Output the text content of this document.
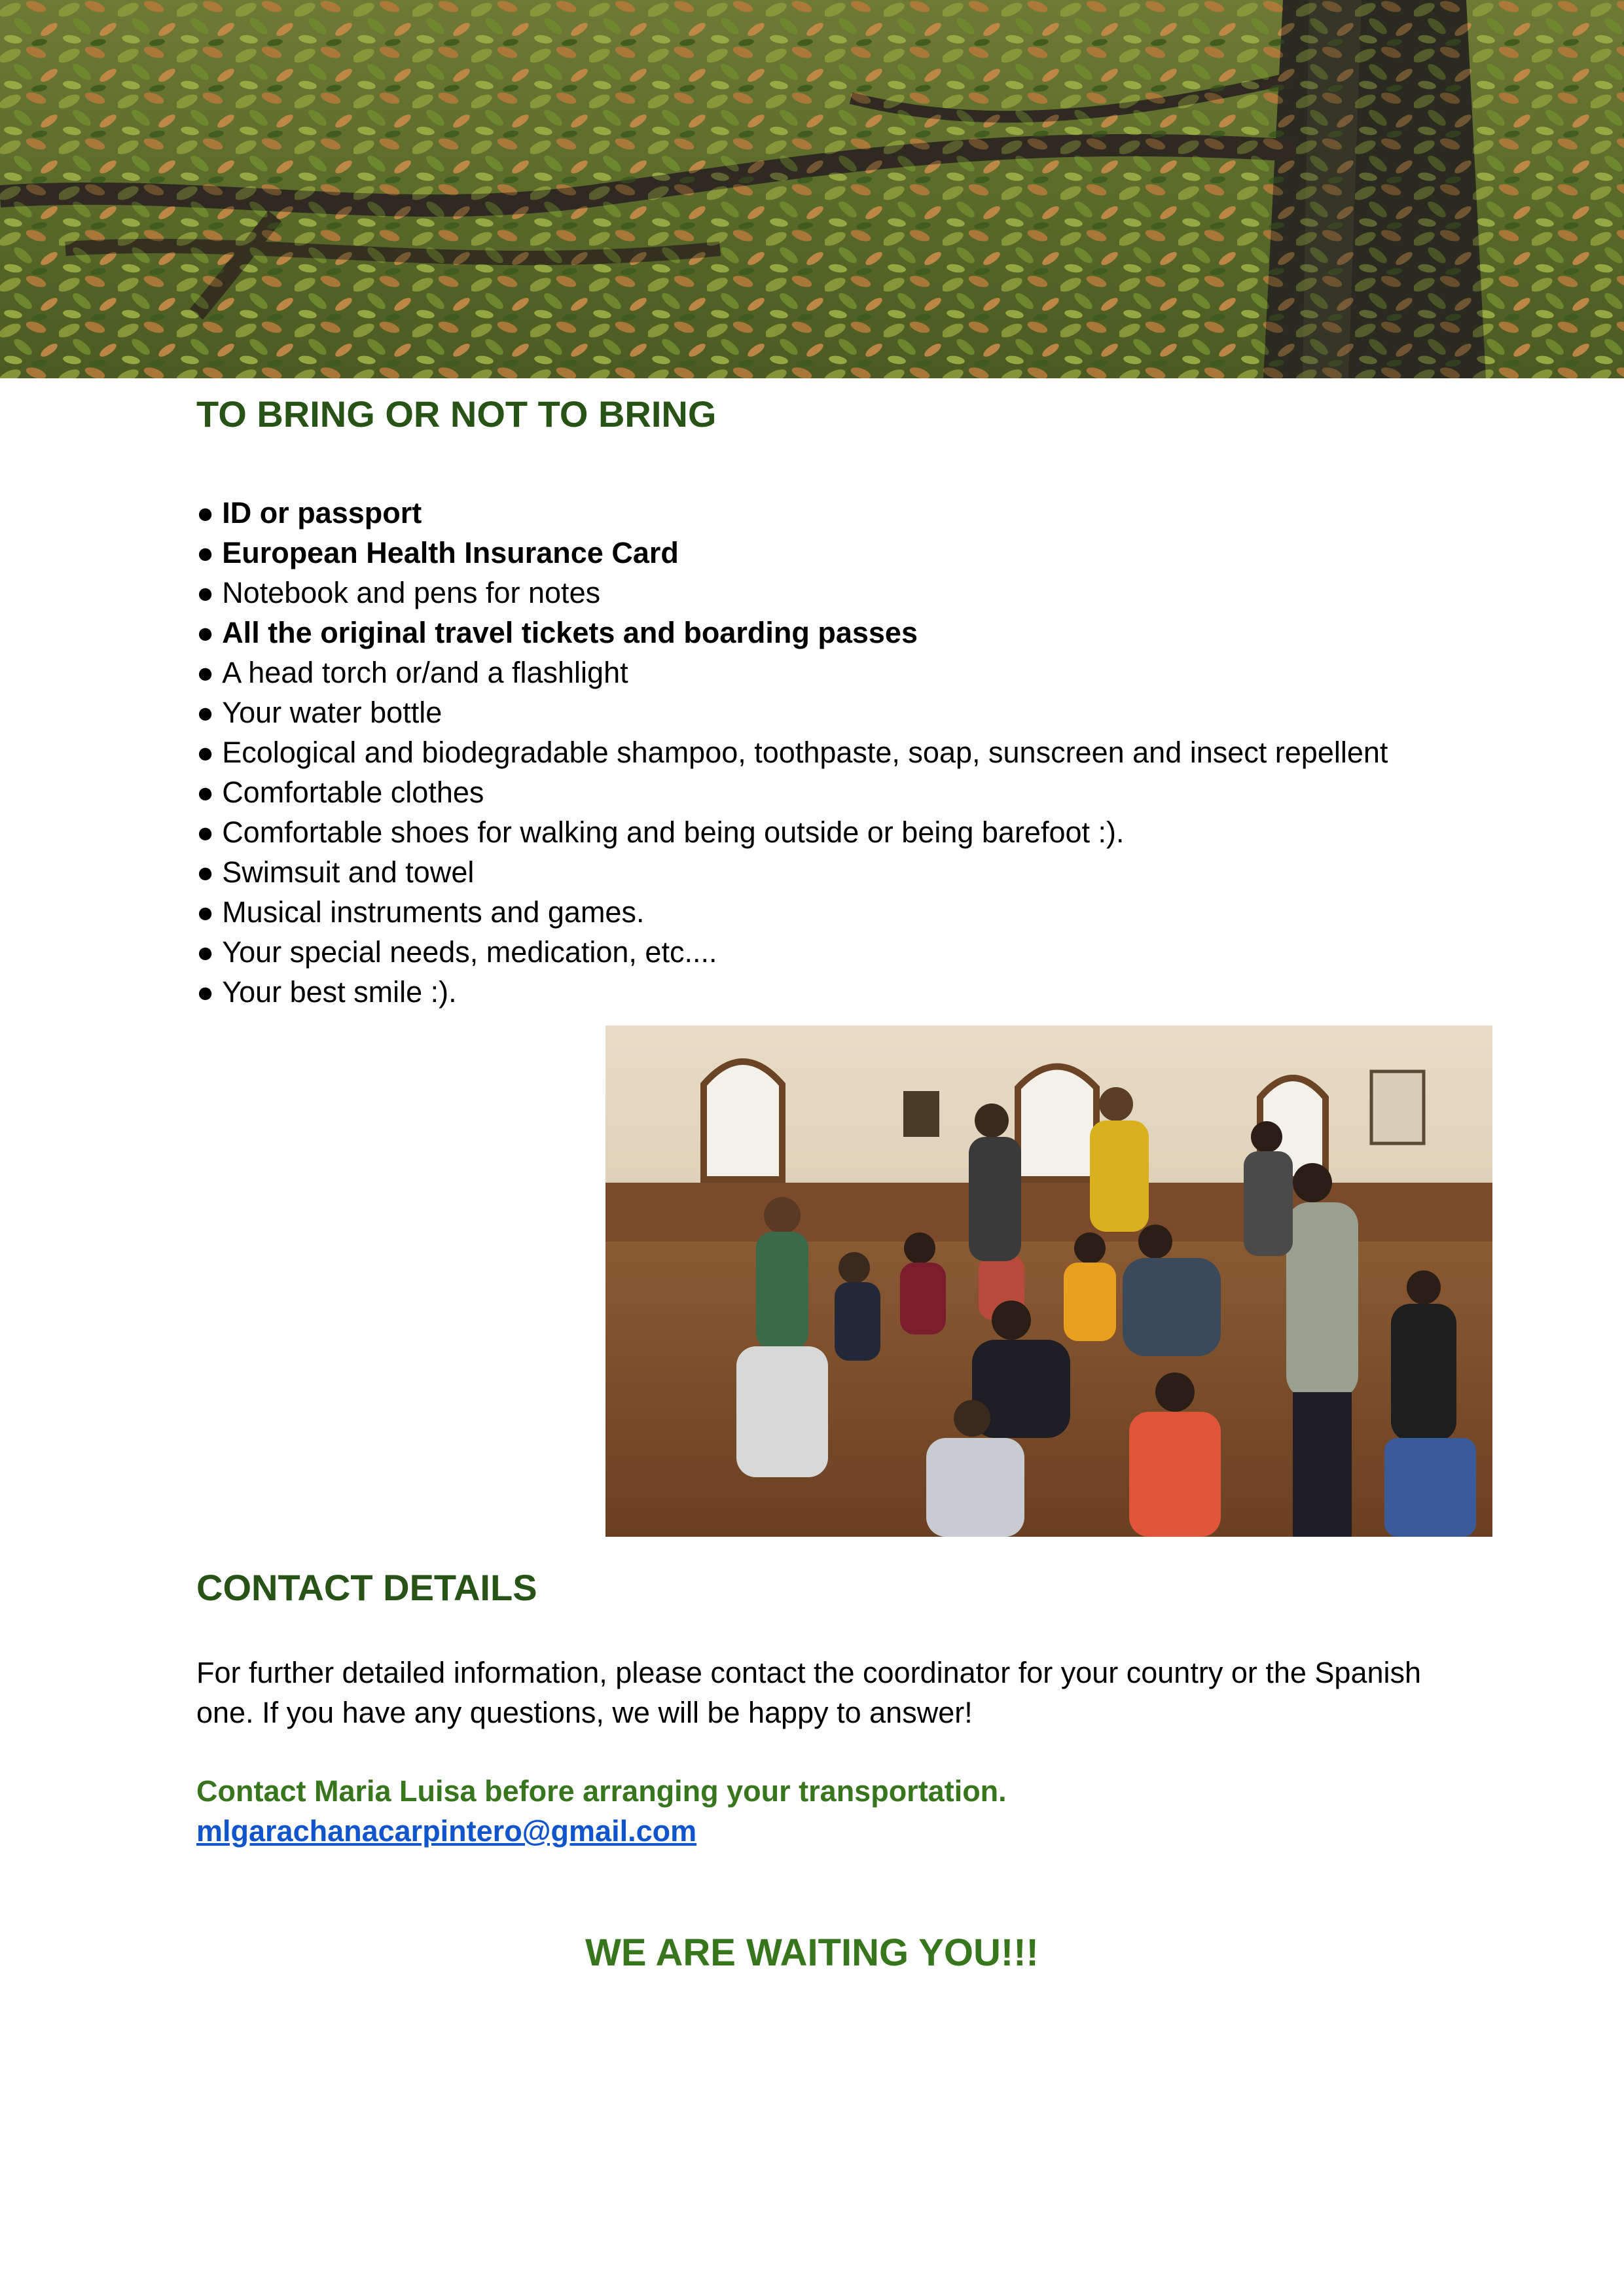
TO BRING OR NOT TO BRING
● ID or passport
● European Health Insurance Card
● Notebook and pens for notes
● All the original travel tickets and boarding passes
● A head torch or/and a flashlight
● Your water bottle
● Ecological and biodegradable shampoo, toothpaste, soap, sunscreen and insect repellent
● Comfortable clothes
● Comfortable shoes for walking and being outside or being barefoot :).
● Swimsuit and towel
● Musical instruments and games.
● Your special needs, medication, etc....
● Your best smile :).
CONTACT DETAILS

For further detailed information, please contact the coordinator for your country or the Spanish one. If you have any questions, we will be happy to answer!

Contact Maria Luisa before arranging your transportation.

mlgarachanacarpintero@gmail.com
WE ARE WAITING YOU!!!
